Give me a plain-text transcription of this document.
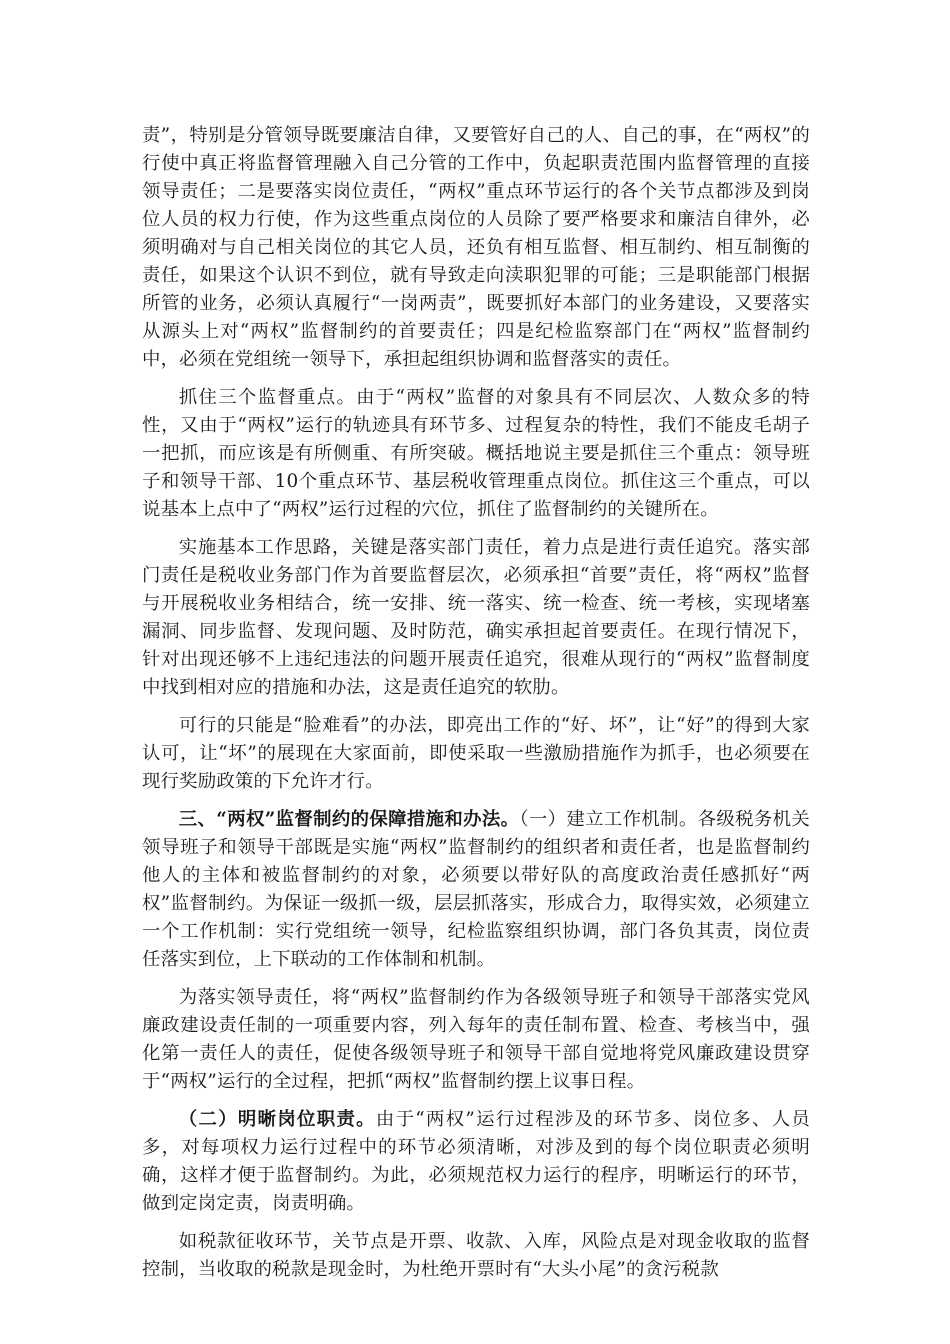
责”，特别是分管领导既要廉洁自律，又要管好自己的人、自己的事，在“两权”的行使中真正将监督管理融入自己分管的工作中，负起职责范围内监督管理的直接领导责任；二是要落实岗位责任，“两权”重点环节运行的各个关节点都涉及到岗位人员的权力行使，作为这些重点岗位的人员除了要严格要求和廉洁自律外，必须明确对与自己相关岗位的其它人员，还负有相互监督、相互制约、相互制衡的责任，如果这个认识不到位，就有导致走向渎职犯罪的可能；三是职能部门根据所管的业务，必须认真履行“一岗两责”，既要抓好本部门的业务建设，又要落实从源头上对“两权”监督制约的首要责任；四是纪检监察部门在“两权”监督制约中，必须在党组统一领导下，承担起组织协调和监督落实的责任。

抓住三个监督重点。由于“两权”监督的对象具有不同层次、人数众多的特性，又由于“两权”运行的轨迹具有环节多、过程复杂的特性，我们不能皮毛胡子一把抓，而应该是有所侧重、有所突破。概括地说主要是抓住三个重点：领导班子和领导干部、10个重点环节、基层税收管理重点岗位。抓住这三个重点，可以说基本上点中了“两权”运行过程的穴位，抓住了监督制约的关键所在。

实施基本工作思路，关键是落实部门责任，着力点是进行责任追究。落实部门责任是税收业务部门作为首要监督层次，必须承担“首要”责任，将“两权”监督与开展税收业务相结合，统一安排、统一落实、统一检查、统一考核，实现堵塞漏洞、同步监督、发现问题、及时防范，确实承担起首要责任。在现行情况下，针对出现还够不上违纪违法的问题开展责任追究，很难从现行的“两权”监督制度中找到相对应的措施和办法，这是责任追究的软肋。

可行的只能是“脸难看”的办法，即亮出工作的“好、坏”，让“好”的得到大家认可，让“坏”的展现在大家面前，即使采取一些激励措施作为抓手，也必须要在现行奖励政策的下允许才行。

三、“两权”监督制约的保障措施和办法。（一）建立工作机制。各级税务机关领导班子和领导干部既是实施“两权”监督制约的组织者和责任者，也是监督制约他人的主体和被监督制约的对象，必须要以带好队的高度政治责任感抓好“两权”监督制约。为保证一级抓一级，层层抓落实，形成合力，取得实效，必须建立一个工作机制：实行党组统一领导，纪检监察组织协调，部门各负其责，岗位责任落实到位，上下联动的工作体制和机制。

为落实领导责任，将“两权”监督制约作为各级领导班子和领导干部落实党风廉政建设责任制的一项重要内容，列入每年的责任制布置、检查、考核当中，强化第一责任人的责任，促使各级领导班子和领导干部自觉地将党风廉政建设贯穿于“两权”运行的全过程，把抓“两权”监督制约摆上议事日程。

（二）明晰岗位职责。由于“两权”运行过程涉及的环节多、岗位多、人员多，对每项权力运行过程中的环节必须清晰，对涉及到的每个岗位职责必须明确，这样才便于监督制约。为此，必须规范权力运行的程序，明晰运行的环节，做到定岗定责，岗责明确。

如税款征收环节，关节点是开票、收款、入库，风险点是对现金收取的监督控制，当收取的税款是现金时，为杜绝开票时有“大头小尾”的贪污税款
